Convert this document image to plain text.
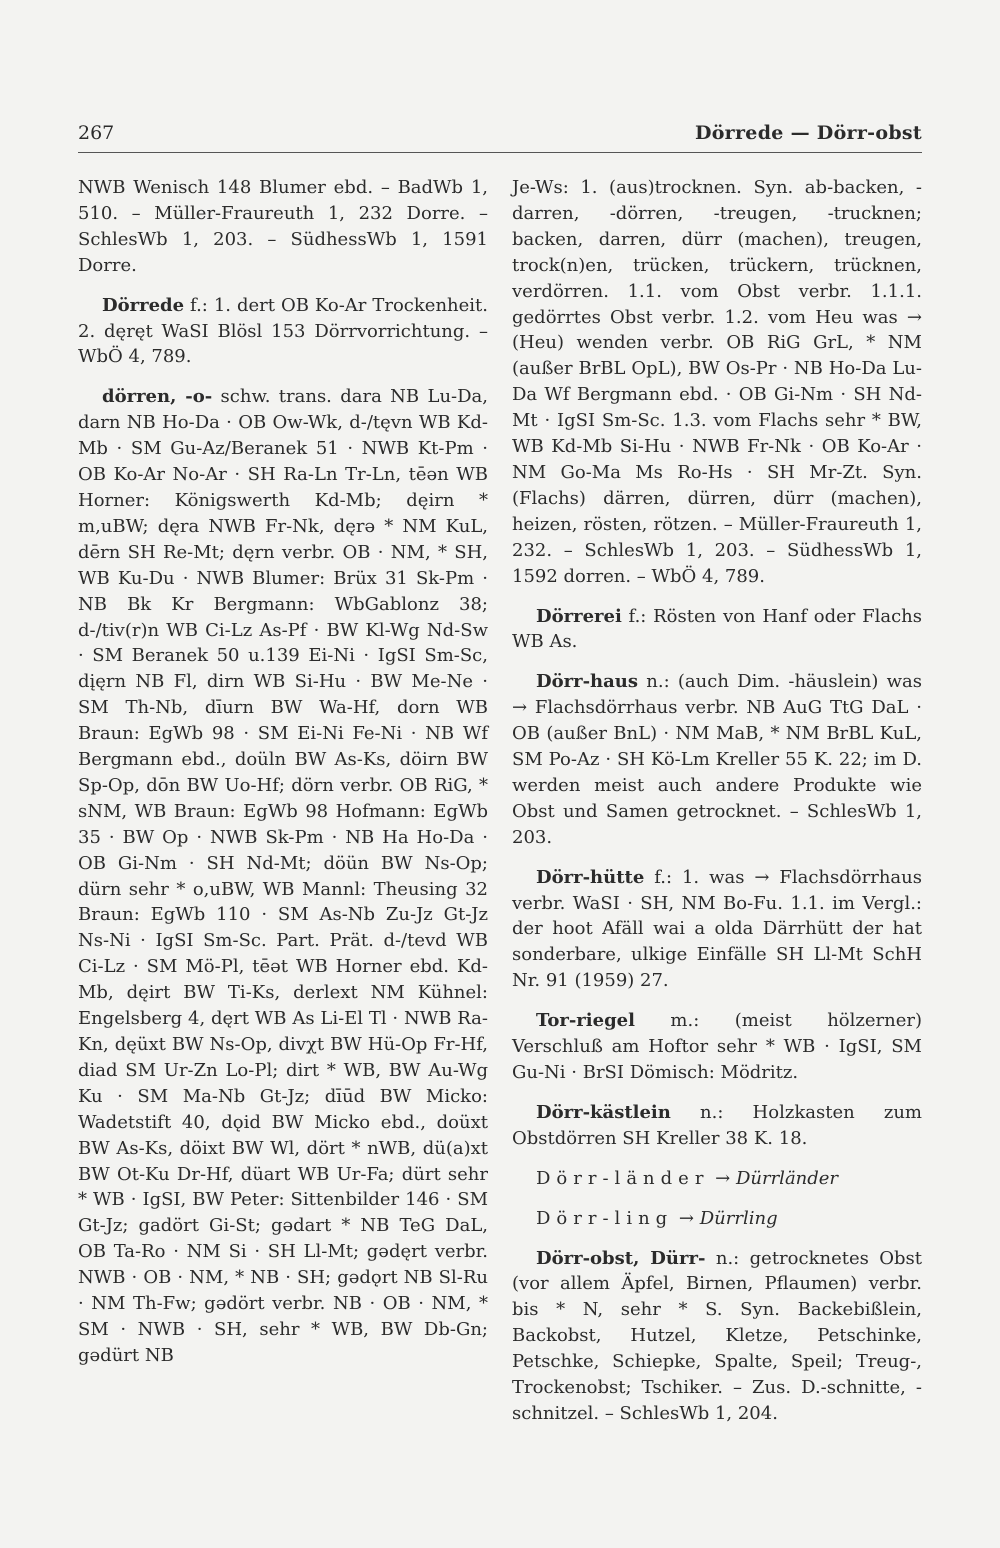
267	Dörrede — Dörr-obst

NWB Wenisch 148 Blumer ebd. – BadWb 1, 510. – Müller-Fraureuth 1, 232 Dorre. – SchlesWb 1, 203. – SüdhessWb 1, 1591 Dorre.

Dörrede f.: 1. dert OB Ko-Ar Trockenheit. 2. dęręt WaSI Blösl 153 Dörrvorrichtung. – WbÖ 4, 789.

dörren, -o- schw. trans. dara NB Lu-Da, darn NB Ho-Da · OB Ow-Wk, d-/tęvn WB Kd-Mb · SM Gu-Az/Beranek 51 · NWB Kt-Pm · OB Ko-Ar No-Ar · SH Ra-Ln Tr-Ln, tēən WB Horner: Königswerth Kd-Mb; dęirn * m,uBW; dęra NWB Fr-Nk, dęrə * NM KuL, dērn SH Re-Mt; dęrn verbr. OB · NM, * SH, WB Ku-Du · NWB Blumer: Brüx 31 Sk-Pm · NB Bk Kr Bergmann: WbGablonz 38; d-/tiv(r)n WB Ci-Lz As-Pf · BW Kl-Wg Nd-Sw · SM Beranek 50 u.139 Ei-Ni · IgSI Sm-Sc, dįęrn NB Fl, dirn WB Si-Hu · BW Me-Ne · SM Th-Nb, dīurn BW Wa-Hf, dorn WB Braun: EgWb 98 · SM Ei-Ni Fe-Ni · NB Wf Bergmann ebd., doüln BW As-Ks, döirn BW Sp-Op, dōn BW Uo-Hf; dörn verbr. OB RiG, * sNM, WB Braun: EgWb 98 Hofmann: EgWb 35 · BW Op · NWB Sk-Pm · NB Ha Ho-Da · OB Gi-Nm · SH Nd-Mt; döün BW Ns-Op; dürn sehr * o,uBW, WB Mannl: Theusing 32 Braun: EgWb 110 · SM As-Nb Zu-Jz Gt-Jz Ns-Ni · IgSI Sm-Sc. Part. Prät. d-/tevd WB Ci-Lz · SM Mö-Pl, tēət WB Horner ebd. Kd-Mb, dęirt BW Ti-Ks, derlext NM Kühnel: Engelsberg 4, dęrt WB As Li-El Tl · NWB Ra-Kn, dęüxt BW Ns-Op, divχt BW Hü-Op Fr-Hf, diad SM Ur-Zn Lo-Pl; dirt * WB, BW Au-Wg Ku · SM Ma-Nb Gt-Jz; dīūd BW Micko: Wadetstift 40, dǫid BW Micko ebd., doüxt BW As-Ks, döixt BW Wl, dört * nWB, dü(a)xt BW Ot-Ku Dr-Hf, düart WB Ur-Fa; dürt sehr * WB · IgSI, BW Peter: Sittenbilder 146 · SM Gt-Jz; gadört Gi-St; gədart * NB TeG DaL, OB Ta-Ro · NM Si · SH Ll-Mt; gədęrt verbr. NWB · OB · NM, * NB · SH; gədǫrt NB Sl-Ru · NM Th-Fw; gədört verbr. NB · OB · NM, * SM · NWB · SH, sehr * WB, BW Db-Gn; gədürt NB

Je-Ws: 1. (aus)trocknen. Syn. ab-backen, -darren, -dörren, -treugen, -trucknen; backen, darren, dürr (machen), treugen, trock(n)en, trücken, trückern, trücknen, verdörren. 1.1. vom Obst verbr. 1.1.1. gedörrtes Obst verbr. 1.2. vom Heu was → (Heu) wenden verbr. OB RiG GrL, * NM (außer BrBL OpL), BW Os-Pr · NB Ho-Da Lu-Da Wf Bergmann ebd. · OB Gi-Nm · SH Nd-Mt · IgSI Sm-Sc. 1.3. vom Flachs sehr * BW, WB Kd-Mb Si-Hu · NWB Fr-Nk · OB Ko-Ar · NM Go-Ma Ms Ro-Hs · SH Mr-Zt. Syn. (Flachs) därren, dürren, dürr (machen), heizen, rösten, rötzen. – Müller-Fraureuth 1, 232. – SchlesWb 1, 203. – SüdhessWb 1, 1592 dorren. – WbÖ 4, 789.

Dörrerei f.: Rösten von Hanf oder Flachs WB As.

Dörr-haus n.: (auch Dim. -häuslein) was → Flachsdörrhaus verbr. NB AuG TtG DaL · OB (außer BnL) · NM MaB, * NM BrBL KuL, SM Po-Az · SH Kö-Lm Kreller 55 K. 22; im D. werden meist auch andere Produkte wie Obst und Samen getrocknet. – SchlesWb 1, 203.

Dörr-hütte f.: 1. was → Flachsdörrhaus verbr. WaSI · SH, NM Bo-Fu. 1.1. im Vergl.: der hoot Afäll wai a olda Därrhütt der hat sonderbare, ulkige Einfälle SH Ll-Mt SchH Nr. 91 (1959) 27.

Tor-riegel m.: (meist hölzerner) Verschluß am Hoftor sehr * WB · IgSI, SM Gu-Ni · BrSI Dömisch: Mödritz.

Dörr-kästlein n.: Holzkasten zum Obstdörren SH Kreller 38 K. 18.

Dörr-länder → Dürrländer

Dörr-ling → Dürrling

Dörr-obst, Dürr- n.: getrocknetes Obst (vor allem Äpfel, Birnen, Pflaumen) verbr. bis * N, sehr * S. Syn. Backebißlein, Backobst, Hutzel, Kletze, Petschinke, Petschke, Schiepke, Spalte, Speil; Treug-, Trockenobst; Tschiker. – Zus. D.-schnitte, -schnitzel. – SchlesWb 1, 204.
